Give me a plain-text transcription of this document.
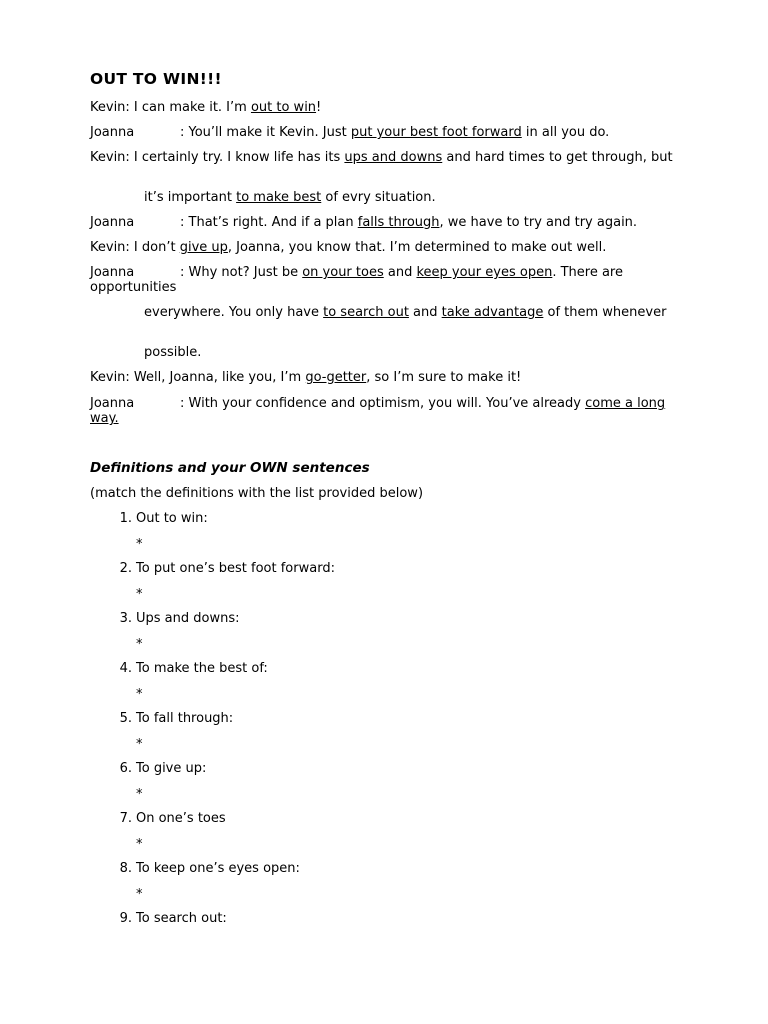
OUT TO WIN!!!
Kevin: I can make it. I’m out to win!
Joanna	: You’ll make it Kevin. Just put your best foot forward in all you do.
Kevin: I certainly try. I know life has its ups and downs and hard times to get through, but
it’s important to make best of evry situation.
Joanna	: That’s right. And if a plan falls through, we have to try and try again.
Kevin: I don’t give up, Joanna, you know that. I’m determined to make out well.
Joanna	: Why not? Just be on your toes and keep your eyes open. There are opportunities
everywhere. You only have to search out and take advantage of them whenever
possible.
Kevin: Well, Joanna, like you, I’m go-getter, so I’m sure to make it!
Joanna	: With your confidence and optimism, you will. You’ve already come a long way.
Definitions and your OWN sentences
(match the definitions with the list provided below)
1. Out to win:
*
2. To put one’s best foot forward:
*
3. Ups and downs:
*
4. To make the best of:
*
5. To fall through:
*
6. To give up:
*
7. On one’s toes
*
8. To keep one’s eyes open:
*
9. To search out:
